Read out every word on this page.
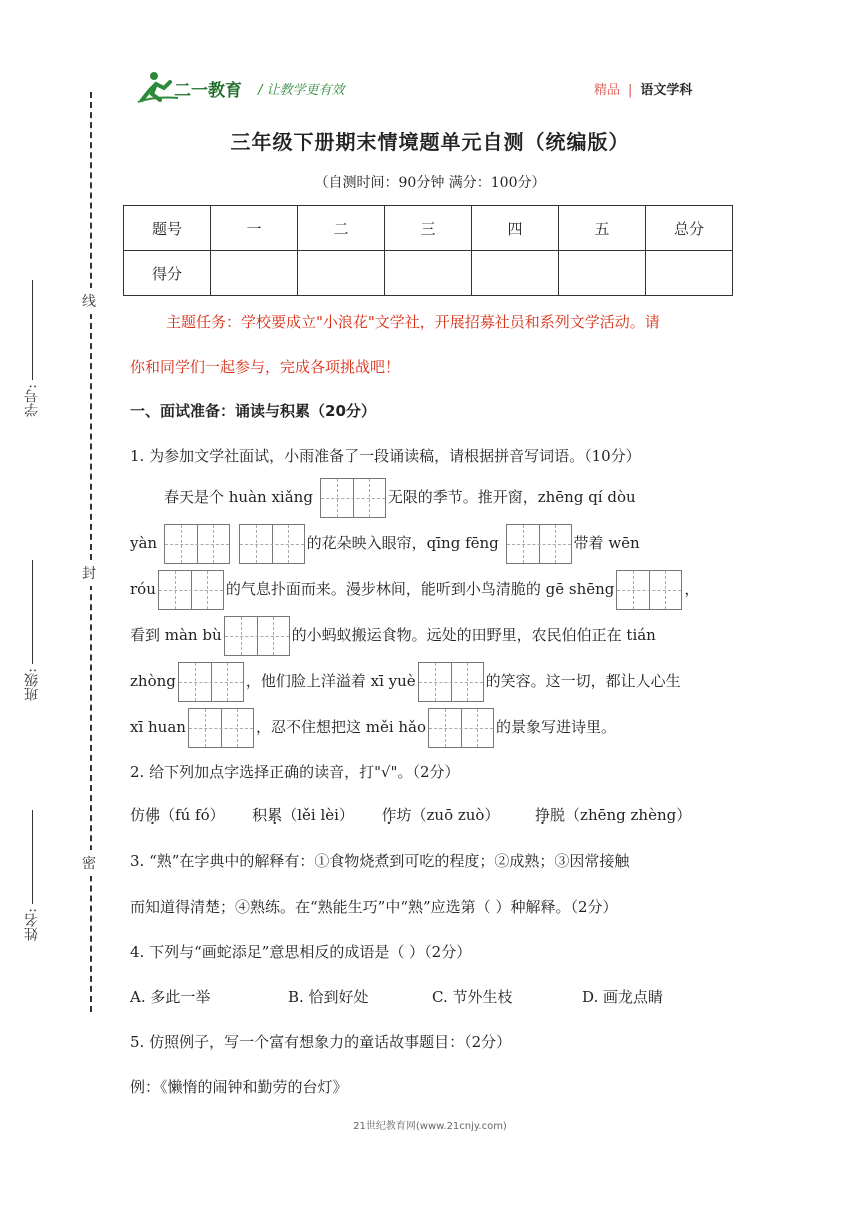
二一教育 / 让教学更有效	精品 | 语文学科
线
封
密
学号:
班级:
姓名:
三年级下册期末情境题单元自测（统编版）
（自测时间：90分钟 满分：100分）
题号	一	二	三	四	五	总分
得分						
主题任务：学校要成立"小浪花"文学社，开展招募社员和系列文学活动。请
你和同学们一起参与，完成各项挑战吧！
一、面试准备：诵读与积累（20分）
1. 为参加文学社面试，小雨准备了一段诵读稿，请根据拼音写词语。（10分）
春天是个 huàn xiǎng	无限的季节。推开窗，zhēng qí dòu
yàn
	的花朵映入眼帘，qīng fēng	带着 wēn
róu	的气息扑面而来。漫步林间，能听到小鸟清脆的 gē shēng	，
看到 màn bù	的小蚂蚁搬运食物。远处的田野里，农民伯伯正在 tián
zhòng	，他们脸上洋溢着 xī yuè	的笑容。这一切，都让人心生
xī huan	，忍不住想把这 měi hǎo	的景象写进诗里。
2. 给下列加点字选择正确的读音，打"√"。（2分）
仿佛（fú fó） 积累（lěi lèi） 作坊（zuō zuò） 挣脱（zhēng zhèng）
3. “熟”在字典中的解释有：①食物烧煮到可吃的程度；②成熟；③因常接触
而知道得清楚；④熟练。在“熟能生巧”中“熟”应选第（ ）种解释。（2分）
4. 下列与“画蛇添足”意思相反的成语是（ ）（2分）
A. 多此一举	B. 恰到好处	C. 节外生枝	D. 画龙点睛
5. 仿照例子，写一个富有想象力的童话故事题目：（2分）
例：《懒惰的闹钟和勤劳的台灯》
21世纪教育网(www.21cnjy.com)
